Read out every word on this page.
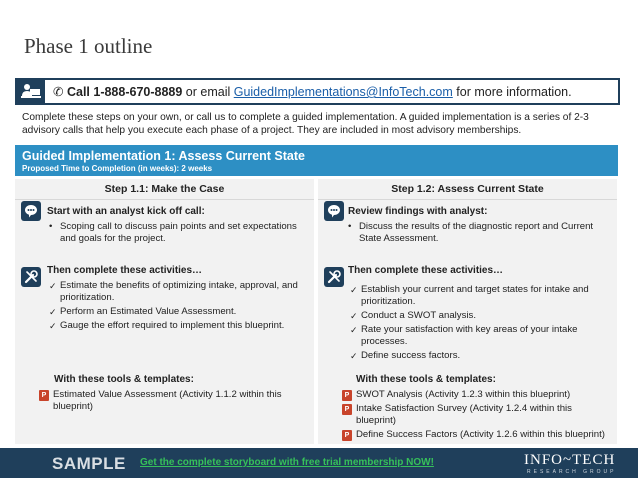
Phase 1 outline
✆ Call 1-888-670-8889 or email GuidedImplementations@InfoTech.com for more information.
Complete these steps on your own, or call us to complete a guided implementation. A guided implementation is a series of 2-3 advisory calls that help you execute each phase of a project. They are included in most advisory memberships.
Guided Implementation 1: Assess Current State
Proposed Time to Completion (in weeks): 2 weeks
Step 1.1: Make the Case
Start with an analyst kick off call:
• Scoping call to discuss pain points and set expectations and goals for the project.
Then complete these activities…
✓ Estimate the benefits of optimizing intake, approval, and prioritization.
✓ Perform an Estimated Value Assessment.
✓ Gauge the effort required to implement this blueprint.
With these tools & templates:
P Estimated Value Assessment (Activity 1.1.2 within this blueprint)
Step 1.2: Assess Current State
Review findings with analyst:
• Discuss the results of the diagnostic report and Current State Assessment.
Then complete these activities…
✓ Establish your current and target states for intake and prioritization.
✓ Conduct a SWOT analysis.
✓ Rate your satisfaction with key areas of your intake processes.
✓ Define success factors.
With these tools & templates:
P SWOT Analysis (Activity 1.2.3 within this blueprint)
P Intake Satisfaction Survey (Activity 1.2.4 within this blueprint)
P Define Success Factors (Activity 1.2.6 within this blueprint)
SAMPLE Get the complete storyboard with free trial membership NOW!	INFO~TECH
RESEARCH GROUP
